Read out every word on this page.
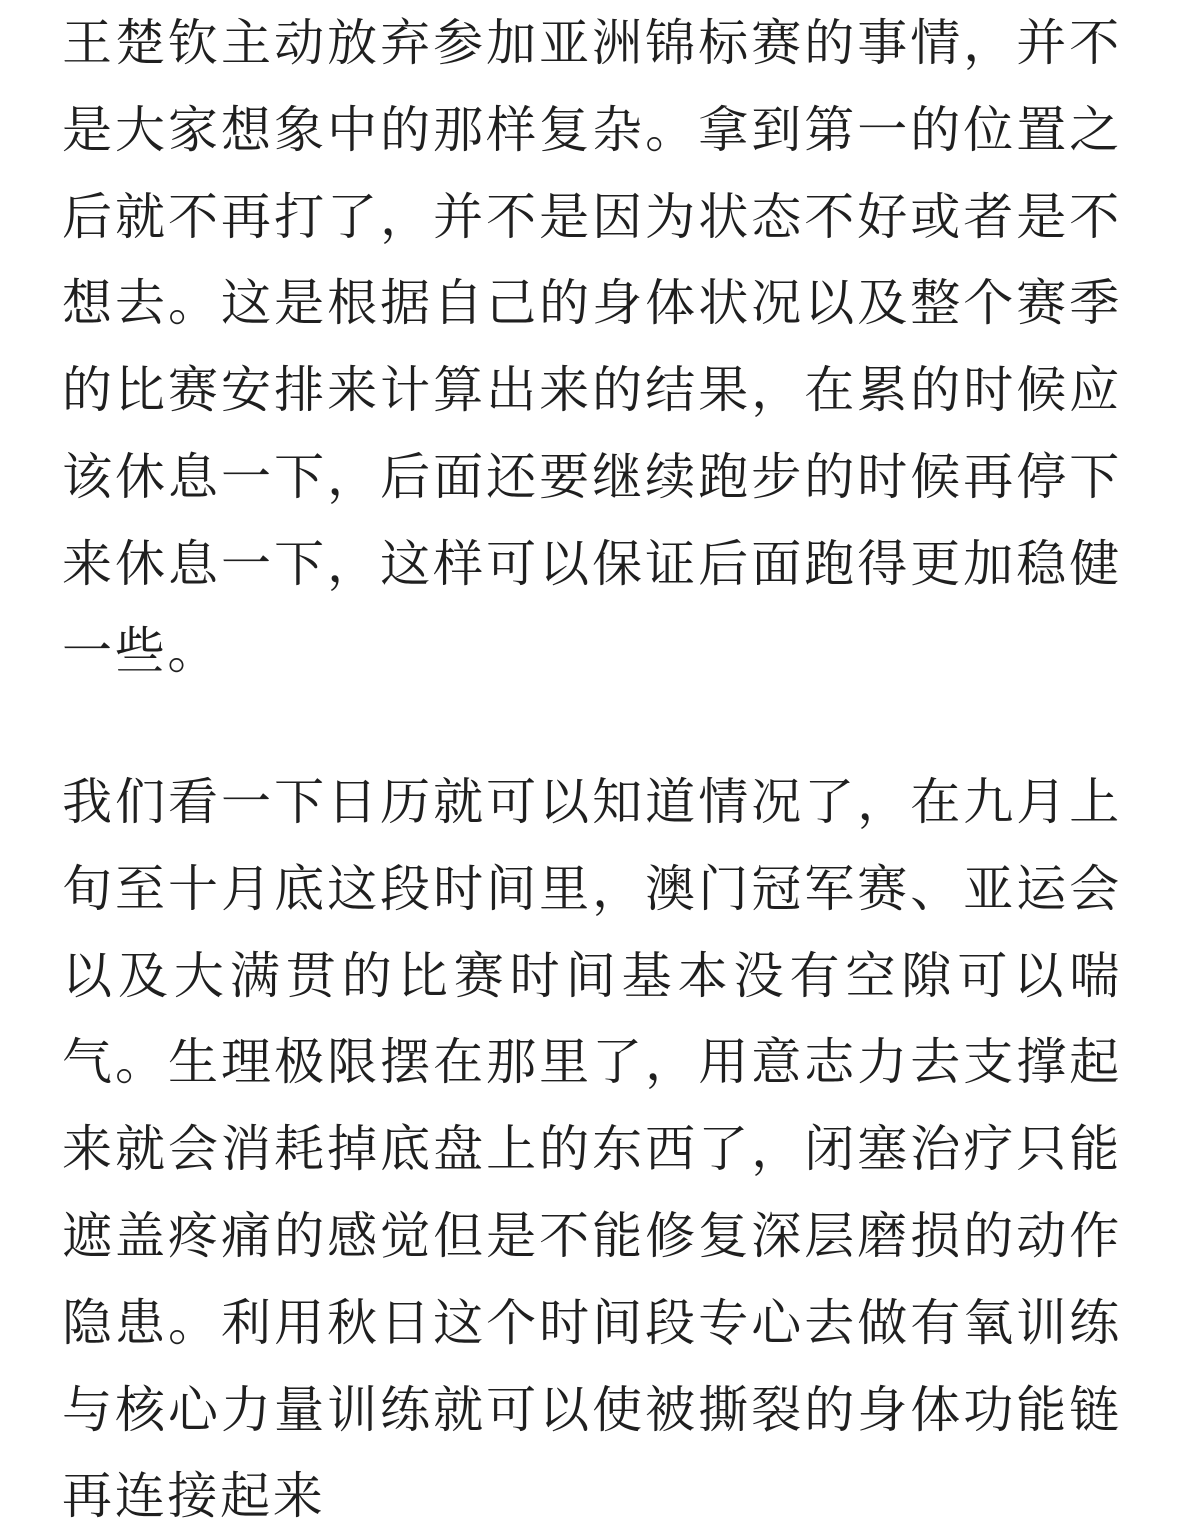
王楚钦主动放弃参加亚洲锦标赛的事情，并不是大家想象中的那样复杂。拿到第一的位置之后就不再打了，并不是因为状态不好或者是不想去。这是根据自己的身体状况以及整个赛季的比赛安排来计算出来的结果，在累的时候应该休息一下，后面还要继续跑步的时候再停下来休息一下，这样可以保证后面跑得更加稳健一些。

我们看一下日历就可以知道情况了，在九月上旬至十月底这段时间里，澳门冠军赛、亚运会以及大满贯的比赛时间基本没有空隙可以喘气。生理极限摆在那里了，用意志力去支撑起来就会消耗掉底盘上的东西了，闭塞治疗只能遮盖疼痛的感觉但是不能修复深层磨损的动作隐患。利用秋日这个时间段专心去做有氧训练与核心力量训练就可以使被撕裂的身体功能链再连接起来
